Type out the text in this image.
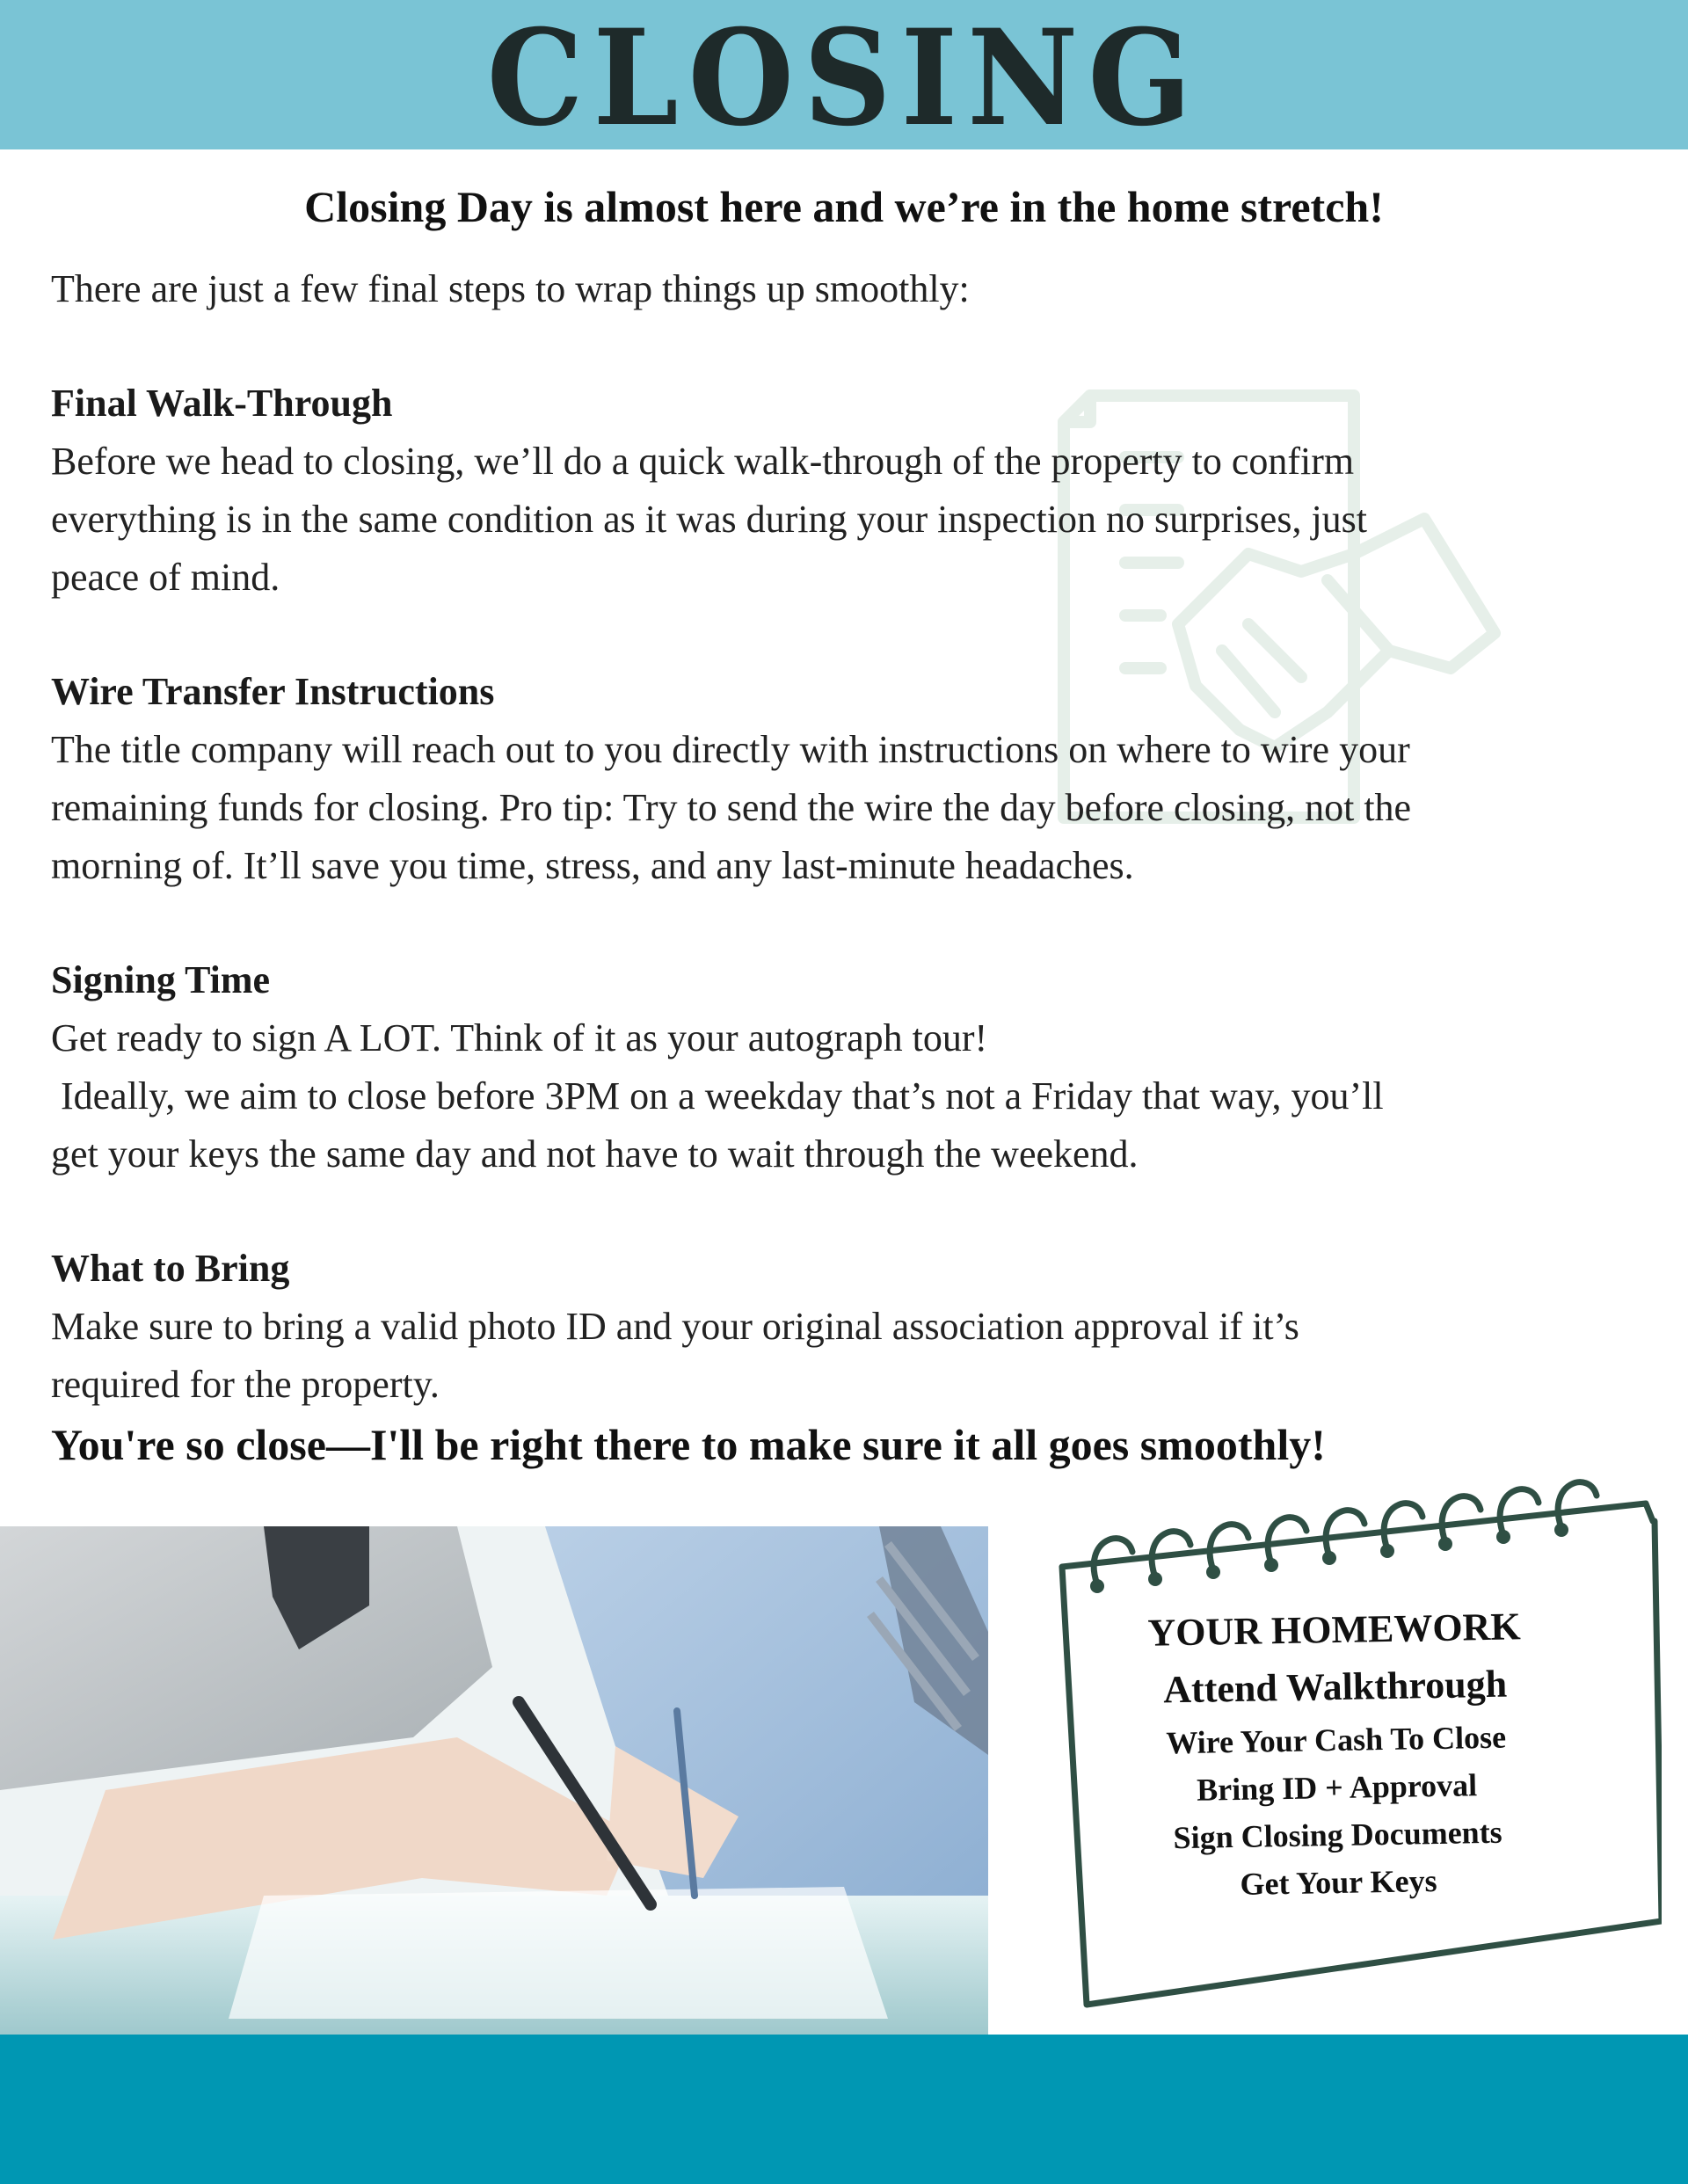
CLOSING
Closing Day is almost here and we’re in the home stretch!

There are just a few final steps to wrap things up smoothly:

Final Walk-Through

Before we head to closing, we’ll do a quick walk-through of the property to confirm

everything is in the same condition as it was during your inspection no surprises, just

peace of mind.

Wire Transfer Instructions

The title company will reach out to you directly with instructions on where to wire your

remaining funds for closing. Pro tip: Try to send the wire the day before closing, not the

morning of. It’ll save you time, stress, and any last-minute headaches.

Signing Time

Get ready to sign A LOT. Think of it as your autograph tour!

Ideally, we aim to close before 3PM on a weekday that’s not a Friday that way, you’ll

get your keys the same day and not have to wait through the weekend.

What to Bring

Make sure to bring a valid photo ID and your original association approval if it’s

required for the property.

You're so close—I'll be right there to make sure it all goes smoothly!
YOUR HOMEWORK
Attend Walkthrough
Wire Your Cash To Close
Bring ID + Approval
Sign Closing Documents
Get Your Keys
